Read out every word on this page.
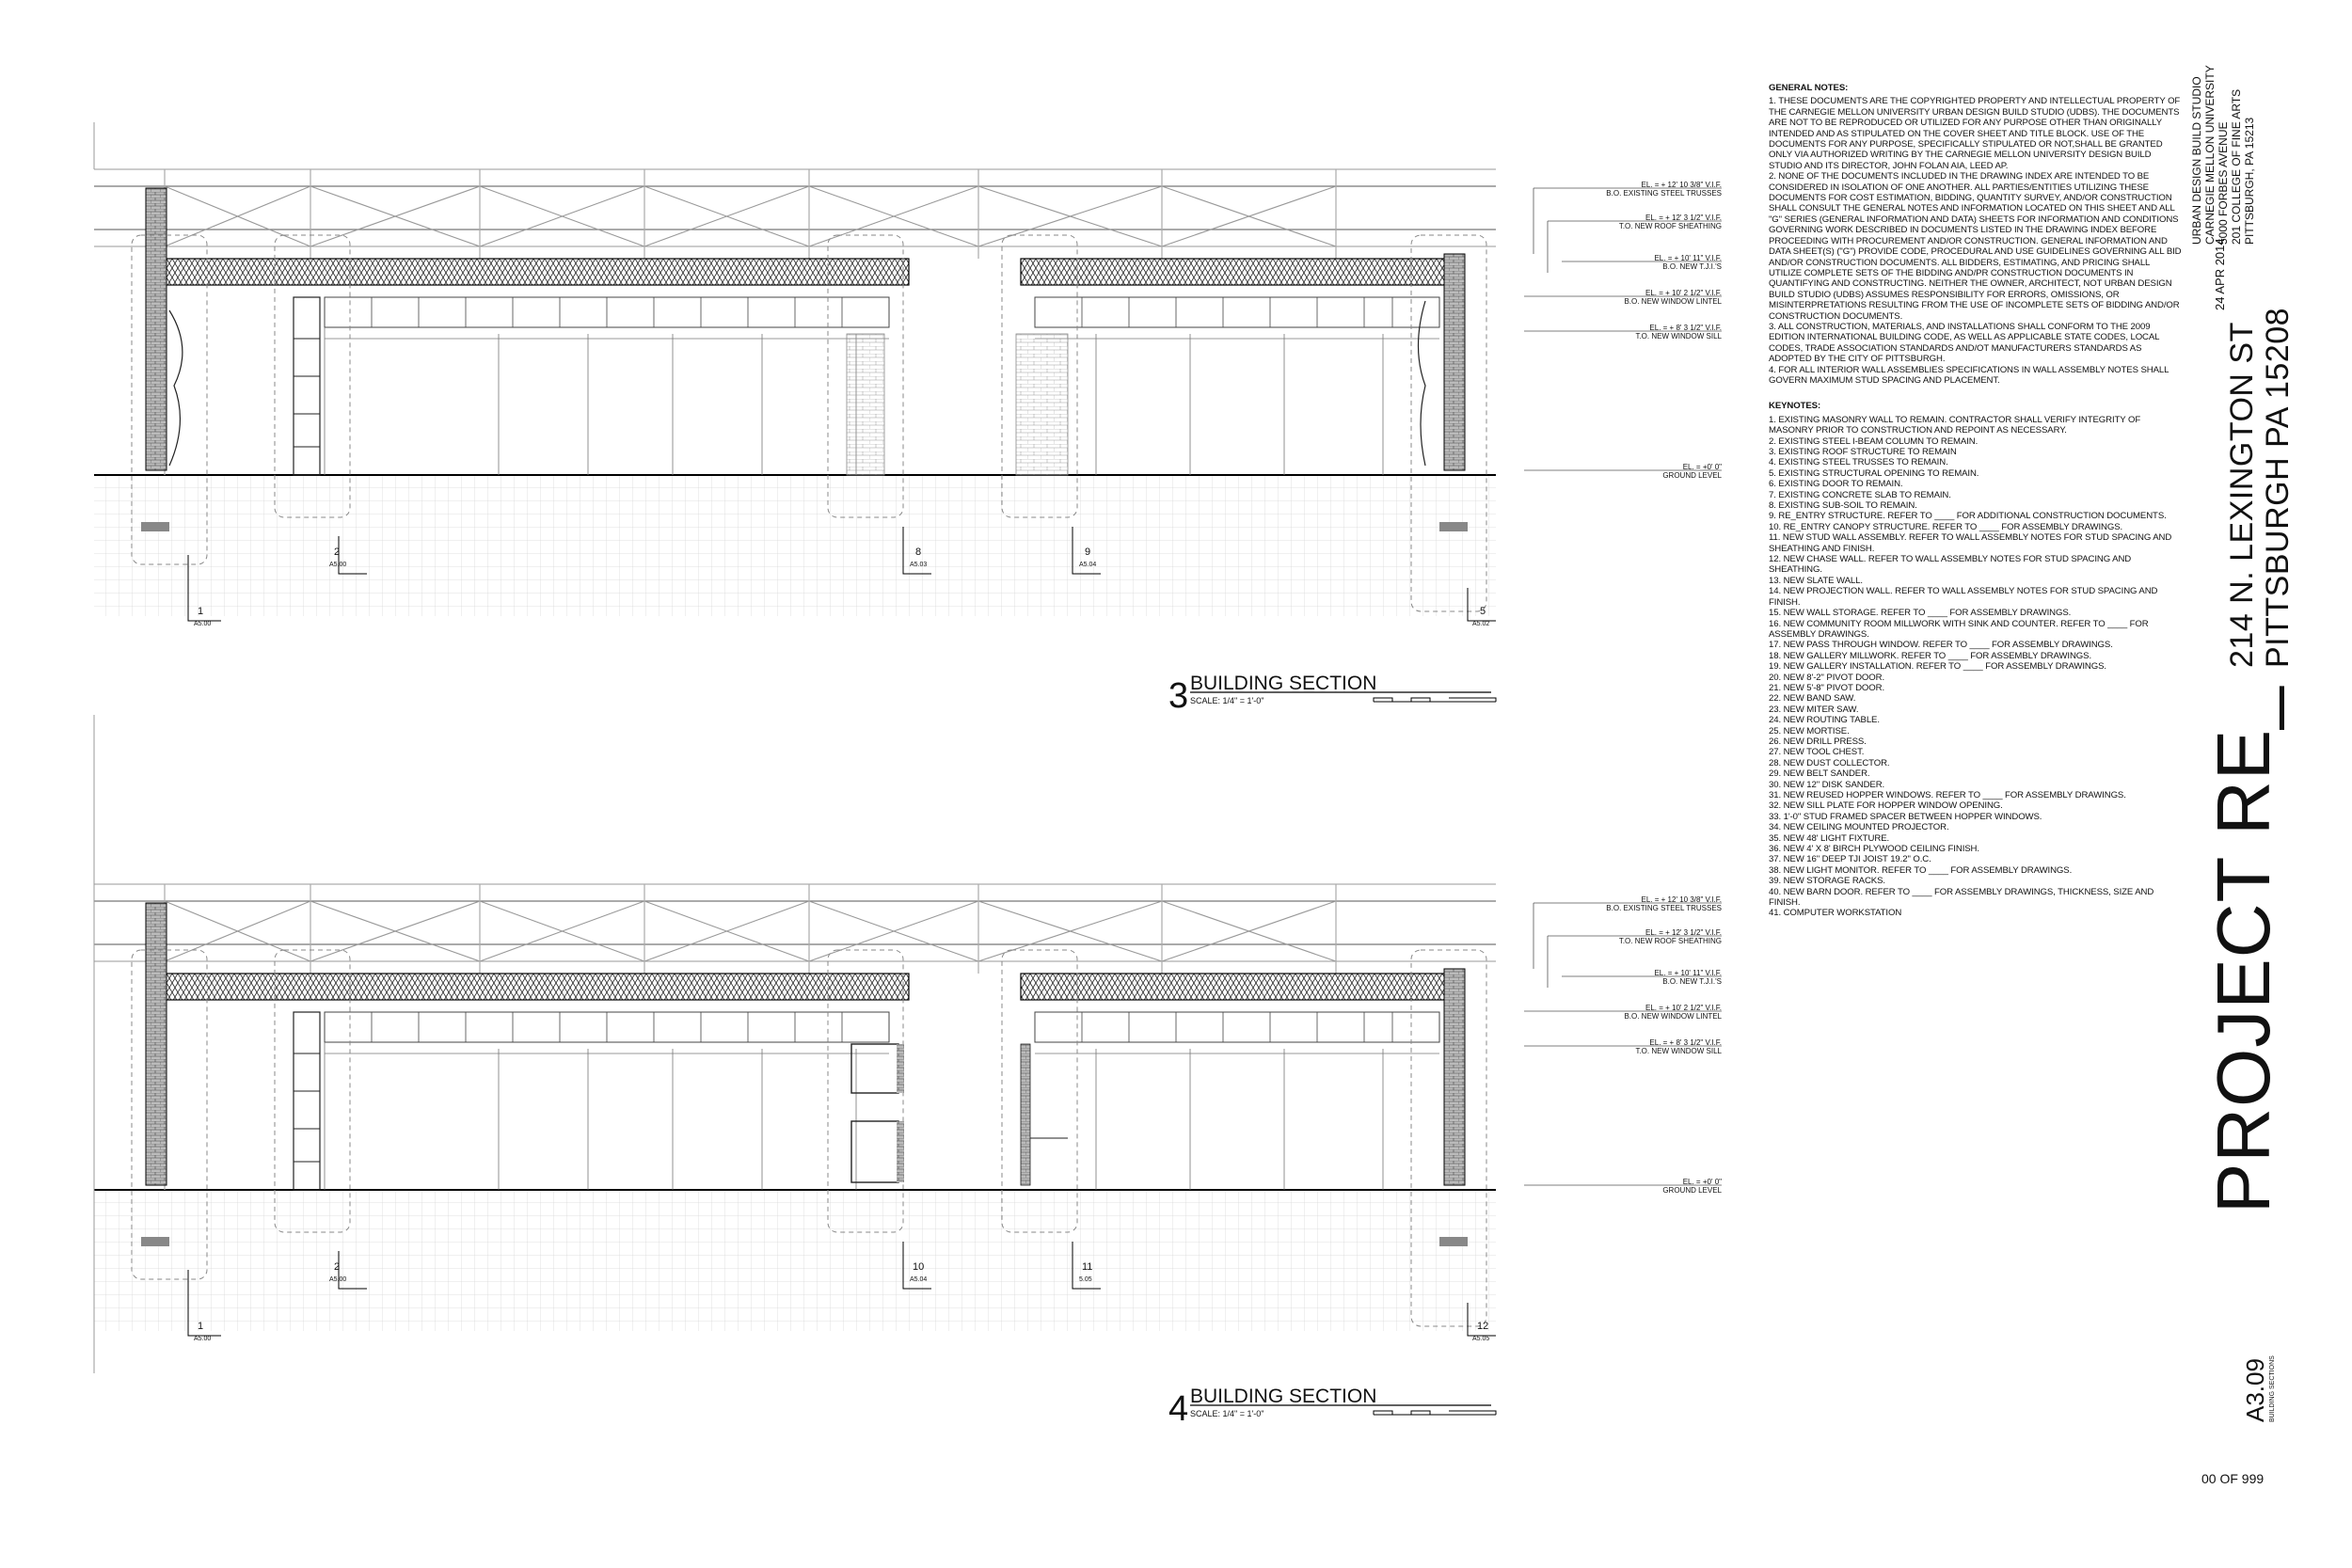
1
A5.00
2
A5.00
8
A5.03
9
A5.04
5
A5.02
1
A5.00
2
A5.00
10
A5.04
11
5.05
12
A5.05
EL. = + 12' 10 3/8" V.I.F.
B.O. EXISTING STEEL TRUSSES
EL. = + 12' 3 1/2" V.I.F.
T.O. NEW ROOF SHEATHING
EL. = + 10' 11" V.I.F.
B.O. NEW T.J.I.'S
EL. = + 10' 2 1/2" V.I.F.
B.O. NEW WINDOW LINTEL
EL. = + 8' 3 1/2" V.I.F.
T.O. NEW WINDOW SILL
EL. = +0' 0"
GROUND LEVEL
EL. = + 12' 10 3/8" V.I.F.
B.O. EXISTING STEEL TRUSSES
EL. = + 12' 3 1/2" V.I.F.
T.O. NEW ROOF SHEATHING
EL. = + 10' 11" V.I.F.
B.O. NEW T.J.I.'S
EL. = + 10' 2 1/2" V.I.F.
B.O. NEW WINDOW LINTEL
EL. = + 8' 3 1/2" V.I.F.
T.O. NEW WINDOW SILL
EL. = +0' 0"
GROUND LEVEL
3 BUILDING SECTION
SCALE: 1/4" = 1'-0"
4 BUILDING SECTION
SCALE: 1/4" = 1'-0"

GENERAL NOTES:

1. THESE DOCUMENTS ARE THE COPYRIGHTED PROPERTY AND INTELLECTUAL PROPERTY OF THE CARNEGIE MELLON UNIVERSITY URBAN DESIGN BUILD STUDIO (UDBS). THE DOCUMENTS ARE NOT TO BE REPRODUCED OR UTILIZED FOR ANY PURPOSE OTHER THAN ORIGINALLY INTENDED AND AS STIPULATED ON THE COVER SHEET AND TITLE BLOCK. USE OF THE DOCUMENTS FOR ANY PURPOSE, SPECIFICALLY STIPULATED OR NOT,SHALL BE GRANTED ONLY VIA AUTHORIZED WRITING BY THE CARNEGIE MELLON UNIVERSITY DESIGN BUILD STUDIO AND ITS DIRECTOR, JOHN FOLAN AIA, LEED AP.

2. NONE OF THE DOCUMENTS INCLUDED IN THE DRAWING INDEX ARE INTENDED TO BE CONSIDERED IN ISOLATION OF ONE ANOTHER. ALL PARTIES/ENTITIES UTILIZING THESE DOCUMENTS FOR COST ESTIMATION, BIDDING, QUANTITY SURVEY, AND/OR CONSTRUCTION SHALL CONSULT THE GENERAL NOTES AND INFORMATION LOCATED ON THIS SHEET AND ALL "G" SERIES (GENERAL INFORMATION AND DATA) SHEETS FOR INFORMATION AND CONDITIONS GOVERNING WORK DESCRIBED IN DOCUMENTS LISTED IN THE DRAWING INDEX BEFORE PROCEEDING WITH PROCUREMENT AND/OR CONSTRUCTION. GENERAL INFORMATION AND DATA SHEET(S) ("G") PROVIDE CODE, PROCEDURAL AND USE GUIDELINES GOVERNING ALL BID AND/OR CONSTRUCTION DOCUMENTS. ALL BIDDERS, ESTIMATING, AND PRICING SHALL UTILIZE COMPLETE SETS OF THE BIDDING AND/PR CONSTRUCTION DOCUMENTS IN QUANTIFYING AND CONSTRUCTING. NEITHER THE OWNER, ARCHITECT, NOT URBAN DESIGN BUILD STUDIO (UDBS) ASSUMES RESPONSIBILITY FOR ERRORS, OMISSIONS, OR MISINTERPRETATIONS RESULTING FROM THE USE OF INCOMPLETE SETS OF BIDDING AND/OR CONSTRUCTION DOCUMENTS.

3. ALL CONSTRUCTION, MATERIALS, AND INSTALLATIONS SHALL CONFORM TO THE 2009 EDITION INTERNATIONAL BUILDING CODE, AS WELL AS APPLICABLE STATE CODES, LOCAL CODES, TRADE ASSOCIATION STANDARDS AND/OT MANUFACTURERS STANDARDS AS ADOPTED BY THE CITY OF PITTSBURGH.

4. FOR ALL INTERIOR WALL ASSEMBLIES SPECIFICATIONS IN WALL ASSEMBLY NOTES SHALL GOVERN MAXIMUM STUD SPACING AND PLACEMENT.

KEYNOTES:

1. EXISTING MASONRY WALL TO REMAIN. CONTRACTOR SHALL VERIFY INTEGRITY OF MASONRY PRIOR TO CONSTRUCTION AND REPOINT AS NECESSARY.

2. EXISTING STEEL I-BEAM COLUMN TO REMAIN.

3. EXISTING ROOF STRUCTURE TO REMAIN

4. EXISTING STEEL TRUSSES TO REMAIN.

5. EXISTING STRUCTURAL OPENING TO REMAIN.

6. EXISTING DOOR TO REMAIN.

7. EXISTING CONCRETE SLAB TO REMAIN.

8. EXISTING SUB-SOIL TO REMAIN.

9. RE_ENTRY STRUCTURE. REFER TO ____ FOR ADDITIONAL CONSTRUCTION DOCUMENTS.

10. RE_ENTRY CANOPY STRUCTURE. REFER TO ____ FOR ASSEMBLY DRAWINGS.

11. NEW STUD WALL ASSEMBLY. REFER TO WALL ASSEMBLY NOTES FOR STUD SPACING AND SHEATHING AND FINISH.

12. NEW CHASE WALL. REFER TO WALL ASSEMBLY NOTES FOR STUD SPACING AND SHEATHING.

13. NEW SLATE WALL.

14. NEW PROJECTION WALL. REFER TO WALL ASSEMBLY NOTES FOR STUD SPACING AND FINISH.

15. NEW WALL STORAGE. REFER TO ____ FOR ASSEMBLY DRAWINGS.

16. NEW COMMUNITY ROOM MILLWORK WITH SINK AND COUNTER. REFER TO ____ FOR ASSEMBLY DRAWINGS.

17. NEW PASS THROUGH WINDOW. REFER TO ____ FOR ASSEMBLY DRAWINGS.

18. NEW GALLERY MILLWORK. REFER TO ____ FOR ASSEMBLY DRAWINGS.

19. NEW GALLERY INSTALLATION. REFER TO ____ FOR ASSEMBLY DRAWINGS.

20. NEW 8'-2" PIVOT DOOR.

21. NEW 5'-8" PIVOT DOOR.

22. NEW BAND SAW.

23. NEW MITER SAW.

24. NEW ROUTING TABLE.

25. NEW MORTISE.

26. NEW DRILL PRESS.

27. NEW TOOL CHEST.

28. NEW DUST COLLECTOR.

29. NEW BELT SANDER.

30. NEW 12" DISK SANDER.

31. NEW REUSED HOPPER WINDOWS. REFER TO ____ FOR ASSEMBLY DRAWINGS.

32. NEW SILL PLATE FOR HOPPER WINDOW OPENING.

33. 1'-0" STUD FRAMED SPACER BETWEEN HOPPER WINDOWS.

34. NEW CEILING MOUNTED PROJECTOR.

35. NEW 48' LIGHT FIXTURE.

36. NEW 4' X 8' BIRCH PLYWOOD CEILING FINISH.

37. NEW 16" DEEP TJI JOIST 19.2" O.C.

38. NEW LIGHT MONITOR. REFER TO ____ FOR ASSEMBLY DRAWINGS.

39. NEW STORAGE RACKS.

40. NEW BARN DOOR. REFER TO ____ FOR ASSEMBLY DRAWINGS, THICKNESS, SIZE AND FINISH.

41. COMPUTER WORKSTATION

URBAN DESIGN BUILD STUDIO CARNEGIE MELLON UNIVERSITY 5000 FORBES AVENUE 201 COLLEGE OF FINE ARTS PITTSBURGH, PA 15213
24 APR 2014
214 N. LEXINGTON ST PITTSBURGH PA 15208
PROJECT RE_
A3.09 BUILDING SECTIONS
00 OF 999
